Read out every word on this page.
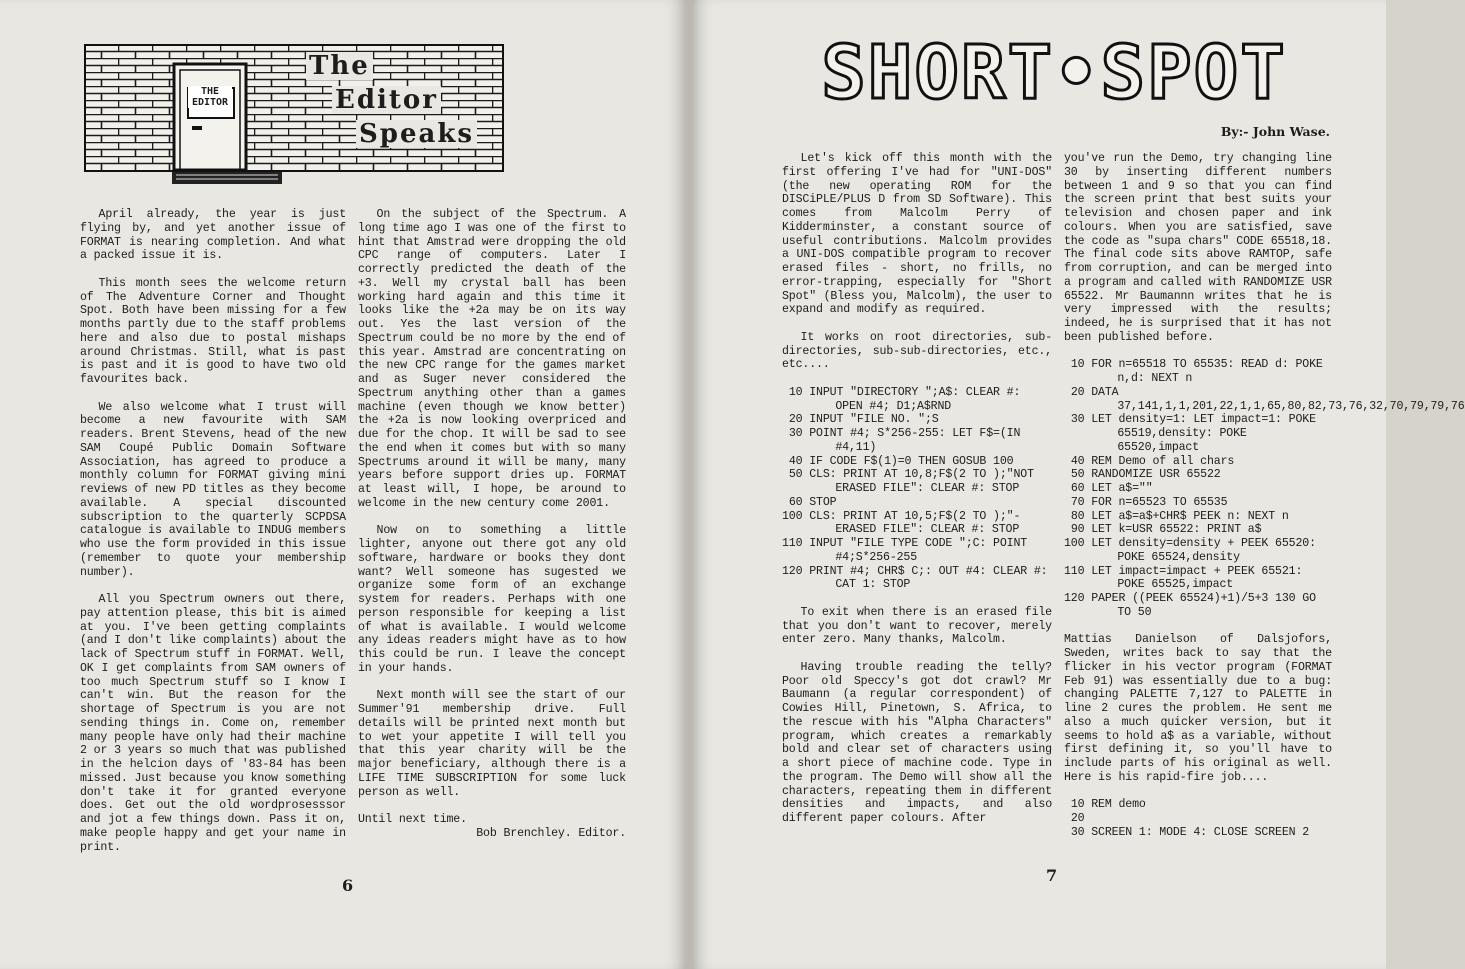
THE
EDITOR
The
Editor
Speaks

April already, the year is just flying by, and yet another issue of FORMAT is nearing completion. And what a packed issue it is.

This month sees the welcome return of The Adventure Corner and Thought Spot. Both have been missing for a few months partly due to the staff problems here and also due to postal mishaps around Christmas. Still, what is past is past and it is good to have two old favourites back.

We also welcome what I trust will become a new favourite with SAM readers. Brent Stevens, head of the new SAM Coupé Public Domain Software Association, has agreed to produce a monthly column for FORMAT giving mini reviews of new PD titles as they become available. A special discounted subscription to the quarterly SCPDSA catalogue is available to INDUG members who use the form provided in this issue (remember to quote your membership number).

All you Spectrum owners out there, pay attention please, this bit is aimed at you. I've been getting complaints (and I don't like complaints) about the lack of Spectrum stuff in FORMAT. Well, OK I get complaints from SAM owners of too much Spectrum stuff so I know I can't win. But the reason for the shortage of Spectrum is you are not sending things in. Come on, remember many people have only had their machine 2 or 3 years so much that was published in the helcion days of '83-84 has been missed. Just because you know something don't take it for granted everyone does. Get out the old wordprosesssor and jot a few things down. Pass it on, make people happy and get your name in print.

On the subject of the Spectrum. A long time ago I was one of the first to hint that Amstrad were dropping the old CPC range of computers. Later I correctly predicted the death of the +3. Well my crystal ball has been working hard again and this time it looks like the +2a may be on its way out. Yes the last version of the Spectrum could be no more by the end of this year. Amstrad are concentrating on the new CPC range for the games market and as Suger never considered the Spectrum anything other than a games machine (even though we know better) the +2a is now looking overpriced and due for the chop. It will be sad to see the end when it comes but with so many Spectrums around it will be many, many years before support dries up. FORMAT at least will, I hope, be around to welcome in the new century come 2001.

Now on to something a little lighter, anyone out there got any old software, hardware or books they dont want? Well someone has sugested we organize some form of an exchange system for readers. Perhaps with one person responsible for keeping a list of what is available. I would welcome any ideas readers might have as to how this could be run. I leave the concept in your hands.

Next month will see the start of our Summer'91 membership drive. Full details will be printed next month but to wet your appetite I will tell you that this year charity will be the major beneficiary, although there is a LIFE TIME SUBSCRIPTION for some luck person as well.

Until next time.

Bob Brenchley. Editor.

6
SHORT•SPOT
By:- John Wase.

Let's kick off this month with the first offering I've had for "UNI-DOS" (the new operating ROM for the DISCiPLE/PLUS D from SD Software). This comes from Malcolm Perry of Kidderminster, a constant source of useful contributions. Malcolm provides a UNI-DOS compatible program to recover erased files - short, no frills, no error-trapping, especially for "Short Spot" (Bless you, Malcolm), the user to expand and modify as required.

It works on root directories, sub-directories, sub-sub-directories, etc., etc....

10 INPUT "DIRECTORY ";A$: CLEAR #: OPEN #4; D1;A$RND
20 INPUT "FILE NO. ";S
30 POINT #4; S*256-255: LET F$=(IN #4,11)
40 IF CODE F$(1)=0 THEN GOSUB 100
50 CLS: PRINT AT 10,8;F$(2 TO );"NOT ERASED FILE": CLEAR #: STOP
60 STOP
100 CLS: PRINT AT 10,5;F$(2 TO );"-ERASED FILE": CLEAR #: STOP
110 INPUT "FILE TYPE CODE ";C: POINT #4;S*256-255
120 PRINT #4; CHR$ C;: OUT #4: CLEAR #: CAT 1: STOP

To exit when there is an erased file that you don't want to recover, merely enter zero. Many thanks, Malcolm.

Having trouble reading the telly? Poor old Speccy's got dot crawl? Mr Baumann (a regular correspondent) of Cowies Hill, Pinetown, S. Africa, to the rescue with his "Alpha Characters" program, which creates a remarkably bold and clear set of characters using a short piece of machine code. Type in the program. The Demo will show all the characters, repeating them in different densities and impacts, and also different paper colours. After

you've run the Demo, try changing line 30 by inserting different numbers between 1 and 9 so that you can find the screen print that best suits your television and chosen paper and ink colours. When you are satisfied, save the code as "supa chars" CODE 65518,18. The final code sits above RAMTOP, safe from corruption, and can be merged into a program and called with RANDOMIZE USR 65522. Mr Baumannn writes that he is very impressed with the results; indeed, he is surprised that it has not been published before.

10 FOR n=65518 TO 65535: READ d: POKE n,d: NEXT n
20 DATA 37,141,1,1,201,22,1,1,65,80,82,73,76,32,70,79,79,76
30 LET density=1: LET impact=1: POKE 65519,density: POKE 65520,impact
40 REM Demo of all chars
50 RANDOMIZE USR 65522
60 LET a$=""
70 FOR n=65523 TO 65535
80 LET a$=a$+CHR$ PEEK n: NEXT n
90 LET k=USR 65522: PRINT a$
100 LET density=density + PEEK 65520: POKE 65524,density
110 LET impact=impact + PEEK 65521: POKE 65525,impact
120 PAPER ((PEEK 65524)+1)/5+3 130 GO TO 50

Mattias Danielson of Dalsjofors, Sweden, writes back to say that the flicker in his vector program (FORMAT Feb 91) was essentially due to a bug: changing PALETTE 7,127 to PALETTE in line 2 cures the problem. He sent me also a much quicker version, but it seems to hold a$ as a variable, without first defining it, so you'll have to include parts of his original as well. Here is his rapid-fire job....

10 REM demo
20
30 SCREEN 1: MODE 4: CLOSE SCREEN 2
7
